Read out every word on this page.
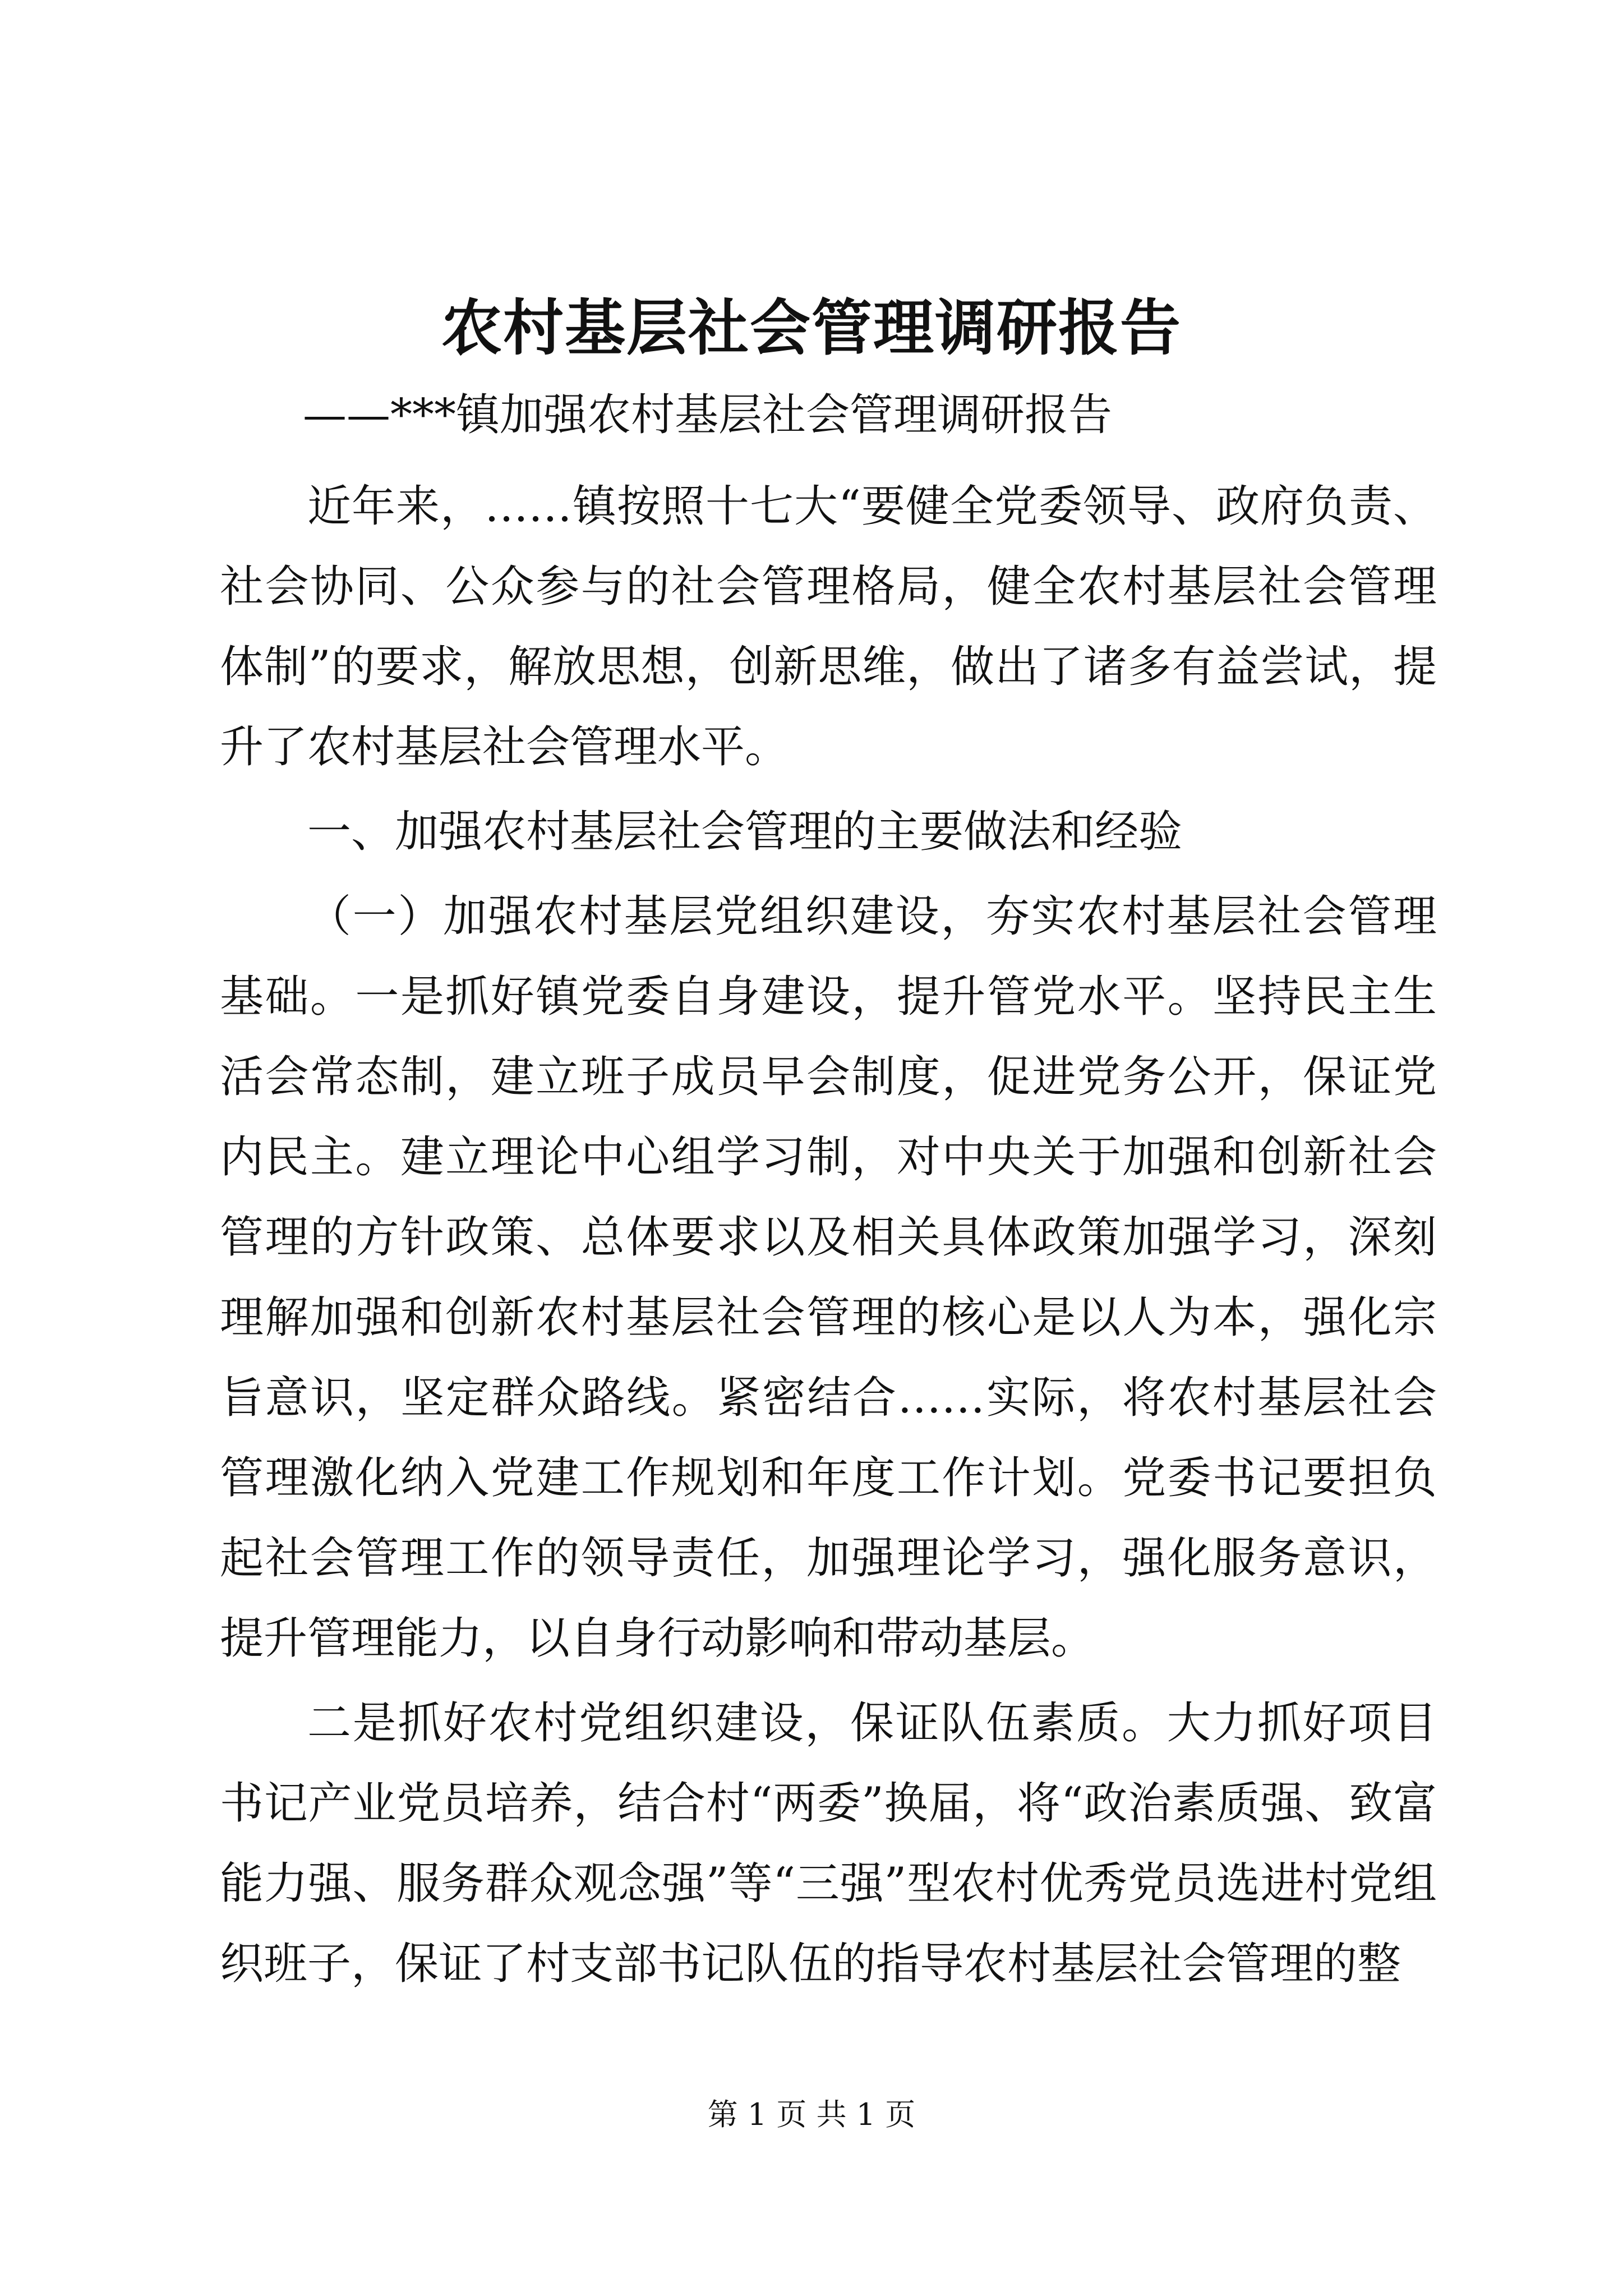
农村基层社会管理调研报告

——***镇加强农村基层社会管理调研报告

近年来，……镇按照十七大“要健全党委领导、政府负责、社会协同、公众参与的社会管理格局，健全农村基层社会管理体制”的要求，解放思想，创新思维，做出了诸多有益尝试，提升了农村基层社会管理水平。

一、加强农村基层社会管理的主要做法和经验

（一）加强农村基层党组织建设，夯实农村基层社会管理基础。一是抓好镇党委自身建设，提升管党水平。坚持民主生活会常态制，建立班子成员早会制度，促进党务公开，保证党内民主。建立理论中心组学习制，对中央关于加强和创新社会管理的方针政策、总体要求以及相关具体政策加强学习，深刻理解加强和创新农村基层社会管理的核心是以人为本，强化宗旨意识，坚定群众路线。紧密结合……实际，将农村基层社会管理激化纳入党建工作规划和年度工作计划。党委书记要担负起社会管理工作的领导责任，加强理论学习，强化服务意识，提升管理能力，以自身行动影响和带动基层。

二是抓好农村党组织建设，保证队伍素质。大力抓好项目书记产业党员培养，结合村“两委”换届，将“政治素质强、致富能力强、服务群众观念强”等“三强”型农村优秀党员选进村党组织班子，保证了村支部书记队伍的指导农村基层社会管理的整

第 1 页 共 1 页
